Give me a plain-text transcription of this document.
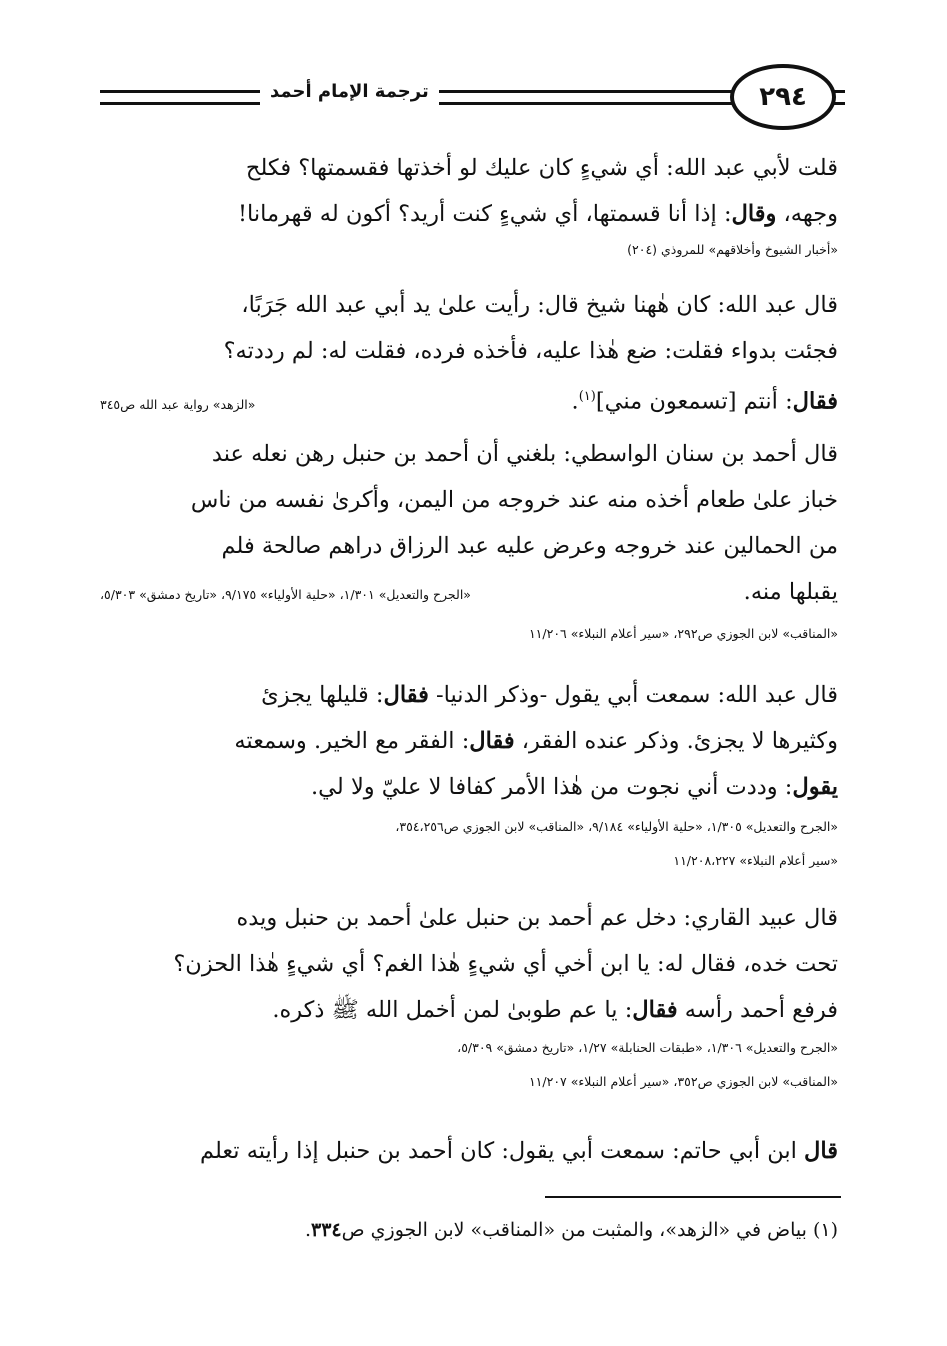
ترجمة الإمام أحمد	٢٩٤
قلت لأبي عبد الله: أي شيءٍ كان عليك لو أخذتها فقسمتها؟ فكلح
وجهه، وقال: إذا أنا قسمتها، أي شيءٍ كنت أريد؟ أكون له قهرمانا!
«أخبار الشيوخ وأخلاقهم» للمروذي (٢٠٤)
قال عبد الله: كان هٰهنا شيخ قال: رأيت علىٰ يد أبي عبد الله جَرَبًا،
فجئت بدواء فقلت: ضع هٰذا عليه، فأخذه فرده، فقلت له: لم رددته؟
فقال: أنتم [تسمعون مني]$^{(١)}$.
«الزهد» رواية عبد الله ص٣٤٥
قال أحمد بن سنان الواسطي: بلغني أن أحمد بن حنبل رهن نعله عند
خباز علىٰ طعام أخذه منه عند خروجه من اليمن، وأكرىٰ نفسه من ناس
من الحمالين عند خروجه وعرض عليه عبد الرزاق دراهم صالحة فلم
يقبلها منه.
«الجرح والتعديل» ١/٣٠١، «حلية الأولياء» ٩/١٧٥، «تاريخ دمشق» ٥/٣٠٣،
«المناقب» لابن الجوزي ص٢٩٢، «سير أعلام النبلاء» ١١/٢٠٦
قال عبد الله: سمعت أبي يقول -وذكر الدنيا- فقال: قليلها يجزئ
وكثيرها لا يجزئ. وذكر عنده الفقر، فقال: الفقر مع الخير. وسمعته
يقول: وددت أني نجوت من هٰذا الأمر كفافا لا عليّ ولا لي.
«الجرح والتعديل» ١/٣٠٥، «حلية الأولياء» ٩/١٨٤، «المناقب» لابن الجوزي ص٣٥٤،٢٥٦،
«سير أعلام النبلاء» ١١/٢٠٨،٢٢٧
قال عبيد القاري: دخل عم أحمد بن حنبل علىٰ أحمد بن حنبل ويده
تحت خده، فقال له: يا ابن أخي أي شيءٍ هٰذا الغم؟ أي شيءٍ هٰذا الحزن؟
فرفع أحمد رأسه فقال: يا عم طوبىٰ لمن أخمل الله ﷺ ذكره.
«الجرح والتعديل» ١/٣٠٦، «طبقات الحنابلة» ١/٢٧، «تاريخ دمشق» ٥/٣٠٩،
«المناقب» لابن الجوزي ص٣٥٢، «سير أعلام النبلاء» ١١/٢٠٧
قال ابن أبي حاتم: سمعت أبي يقول: كان أحمد بن حنبل إذا رأيته تعلم
(١) بياض في «الزهد»، والمثبت من «المناقب» لابن الجوزي ص٣٣٤.
